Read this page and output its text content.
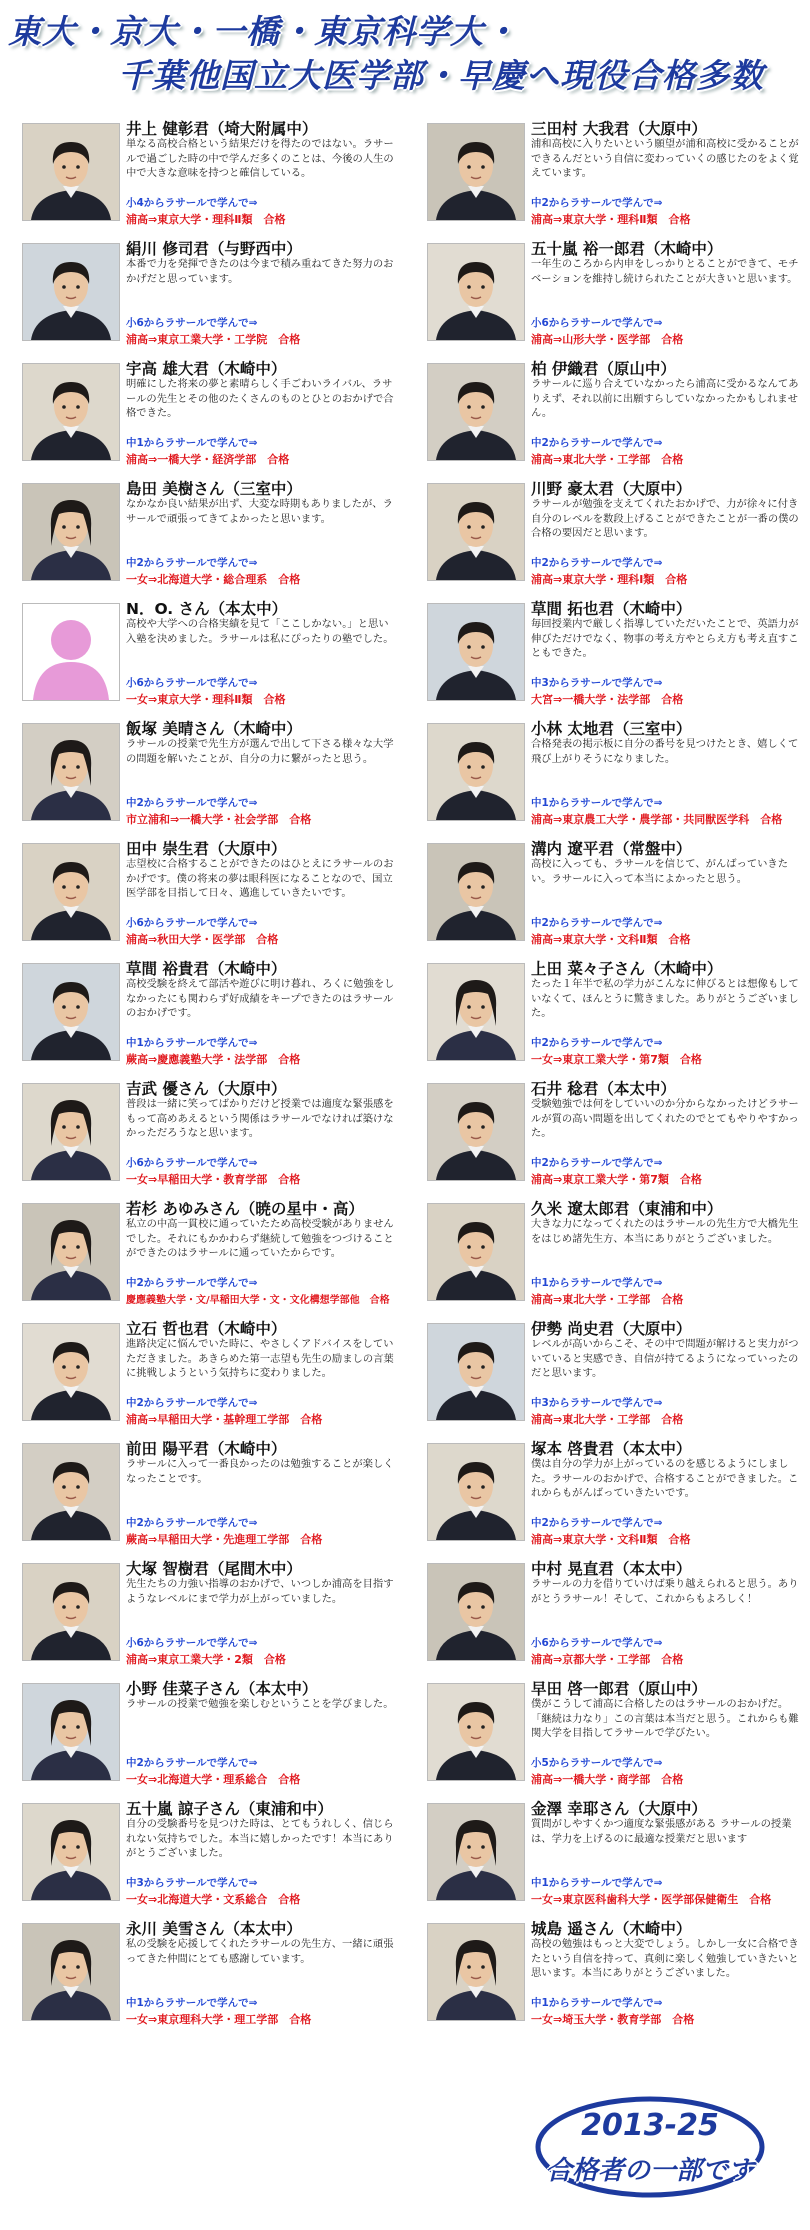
東大・京大・一橋・東京科学大・
千葉他国立大医学部・早慶へ現役合格多数
井上 健彰君（埼大附属中）
単なる高校合格という結果だけを得たのではない。ラサールで過ごした時の中で学んだ多くのことは、今後の人生の中で大きな意味を持つと確信している。
小4からラサールで学んで⇒
浦高⇒東京大学・理科Ⅱ類　合格
絹川 修司君（与野西中）
本番で力を発揮できたのは今まで積み重ねてきた努力のおかげだと思っています。
小6からラサールで学んで⇒
浦高⇒東京工業大学・工学院　合格
宇高 雄大君（木崎中）
明確にした将来の夢と素晴らしく手ごわいライバル、ラサールの先生とその他のたくさんのものとひとのおかげで合格できた。
中1からラサールで学んで⇒
浦高⇒一橋大学・経済学部　合格
島田 美樹さん（三室中）
なかなか良い結果が出ず、大変な時期もありましたが、ラサールで頑張ってきてよかったと思います。
中2からラサールで学んで⇒
一女⇒北海道大学・総合理系　合格
N．O. さん（本太中）
高校や大学への合格実績を見て「ここしかない。」と思い入塾を決めました。ラサールは私にぴったりの塾でした。
小6からラサールで学んで⇒
一女⇒東京大学・理科Ⅱ類　合格
飯塚 美晴さん（木崎中）
ラサールの授業で先生方が選んで出して下さる様々な大学の問題を解いたことが、自分の力に繋がったと思う。
中2からラサールで学んで⇒
市立浦和⇒一橋大学・社会学部　合格
田中 崇生君（大原中）
志望校に合格することができたのはひとえにラサールのおかげです。僕の将来の夢は眼科医になることなので、国立医学部を目指して日々、邁進していきたいです。
小6からラサールで学んで⇒
浦高⇒秋田大学・医学部　合格
草間 裕貴君（木崎中）
高校受験を終えて部活や遊びに明け暮れ、ろくに勉強をしなかったにも関わらず好成績をキープできたのはラサールのおかげです。
中1からラサールで学んで⇒
蕨高⇒慶應義塾大学・法学部　合格
吉武 優さん（大原中）
普段は一緒に笑ってばかりだけど授業では適度な緊張感をもって高めあえるという関係はラサールでなければ築けなかっただろうなと思います。
小6からラサールで学んで⇒
一女⇒早稲田大学・教育学部　合格
若杉 あゆみさん（暁の星中・高）
私立の中高一貫校に通っていたため高校受験がありませんでした。それにもかかわらず継続して勉強をつづけることができたのはラサールに通っていたからです。
中2からラサールで学んで⇒
慶應義塾大学・文/早稲田大学・文・文化構想学部他　合格
立石 哲也君（木崎中）
進路決定に悩んでいた時に、やさしくアドバイスをしていただきました。あきらめた第一志望も先生の励ましの言葉に挑戦しようという気持ちに変わりました。
中2からラサールで学んで⇒
浦高⇒早稲田大学・基幹理工学部　合格
前田 陽平君（木崎中）
ラサールに入って一番良かったのは勉強することが楽しくなったことです。
中2からラサールで学んで⇒
蕨高⇒早稲田大学・先進理工学部　合格
大塚 智樹君（尾間木中）
先生たちの力強い指導のおかげで、いつしか浦高を目指すようなレベルにまで学力が上がっていました。
小6からラサールで学んで⇒
浦高⇒東京工業大学・2類　合格
小野 佳菜子さん（本太中）
ラサールの授業で勉強を楽しむということを学びました。
中2からラサールで学んで⇒
一女⇒北海道大学・理系総合　合格
五十嵐 諒子さん（東浦和中）
自分の受験番号を見つけた時は、とてもうれしく、信じられない気持ちでした。本当に嬉しかったです！本当にありがとうございました。
中3からラサールで学んで⇒
一女⇒北海道大学・文系総合　合格
永川 美雪さん（本太中）
私の受験を応援してくれたラサールの先生方、一緒に頑張ってきた仲間にとても感謝しています。
中1からラサールで学んで⇒
一女⇒東京理科大学・理工学部　合格
三田村 大我君（大原中）
浦和高校に入りたいという願望が浦和高校に受かることができるんだという自信に変わっていくの感じたのをよく覚えています。
中2からラサールで学んで⇒
浦高⇒東京大学・理科Ⅱ類　合格
五十嵐 裕一郎君（木崎中）
一年生のころから内申をしっかりとることができて、モチベーションを維持し続けられたことが大きいと思います。
小6からラサールで学んで⇒
浦高⇒山形大学・医学部　合格
柏 伊織君（原山中）
ラサールに巡り合えていなかったら浦高に受かるなんてありえず、それ以前に出願すらしていなかったかもしれません。
中2からラサールで学んで⇒
浦高⇒東北大学・工学部　合格
川野 豪太君（大原中）
ラサールが勉強を支えてくれたおかげで、力が徐々に付き自分のレベルを数段上げることができたことが一番の僕の合格の要因だと思います。
中2からラサールで学んで⇒
浦高⇒東京大学・理科Ⅰ類　合格
草間 拓也君（木崎中）
毎回授業内で厳しく指導していただいたことで、英語力が伸びただけでなく、物事の考え方やとらえ方も考え直すこともできた。
中3からラサールで学んで⇒
大宮⇒一橋大学・法学部　合格
小林 太地君（三室中）
合格発表の掲示板に自分の番号を見つけたとき、嬉しくて飛び上がりそうになりました。
中1からラサールで学んで⇒
浦高⇒東京農工大学・農学部・共同獣医学科　合格
溝内 遼平君（常盤中）
高校に入っても、ラサールを信じて、がんばっていきたい。ラサールに入って本当によかったと思う。
中2からラサールで学んで⇒
浦高⇒東京大学・文科Ⅱ類　合格
上田 菜々子さん（木崎中）
たった１年半で私の学力がこんなに伸びるとは想像もしていなくて、ほんとうに驚きました。ありがとうございました。
中2からラサールで学んで⇒
一女⇒東京工業大学・第7類　合格
石井 稔君（本太中）
受験勉強では何をしていいのか分からなかったけどラサールが質の高い問題を出してくれたのでとてもやりやすかった。
中2からラサールで学んで⇒
浦高⇒東京工業大学・第7類　合格
久米 遼太郎君（東浦和中）
大きな力になってくれたのはラサールの先生方で大橋先生をはじめ諸先生方、本当にありがとうございました。
中1からラサールで学んで⇒
浦高⇒東北大学・工学部　合格
伊勢 尚史君（大原中）
レベルが高いからこそ、その中で問題が解けると実力がついていると実感でき、自信が持てるようになっていったのだと思います。
中3からラサールで学んで⇒
浦高⇒東北大学・工学部　合格
塚本 啓貴君（本太中）
僕は自分の学力が上がっているのを感じるようにしました。ラサールのおかげで、合格することができました。これからもがんばっていきたいです。
中2からラサールで学んで⇒
浦高⇒東京大学・文科Ⅱ類　合格
中村 晃直君（本太中）
ラサールの力を借りていけば乗り越えられると思う。ありがとうラサール！そして、これからもよろしく！
小6からラサールで学んで⇒
浦高⇒京都大学・工学部　合格
早田 啓一郎君（原山中）
僕がこうして浦高に合格したのはラサールのおかげだ。「継続は力なり」この言葉は本当だと思う。これからも難関大学を目指してラサールで学びたい。
小5からラサールで学んで⇒
浦高⇒一橋大学・商学部　合格
金澤 幸耶さん（大原中）
質問がしやすくかつ適度な緊張感がある ラサールの授業は、学力を上げるのに最適な授業だと思います
中1からラサールで学んで⇒
一女⇒東京医科歯科大学・医学部保健衛生　合格
城島 遥さん（木崎中）
高校の勉強はもっと大変でしょう。しかし一女に合格できたという自信を持って、真剣に楽しく勉強していきたいと思います。本当にありがとうございました。
中1からラサールで学んで⇒
一女⇒埼玉大学・教育学部　合格
2013-25
合格者の一部です
